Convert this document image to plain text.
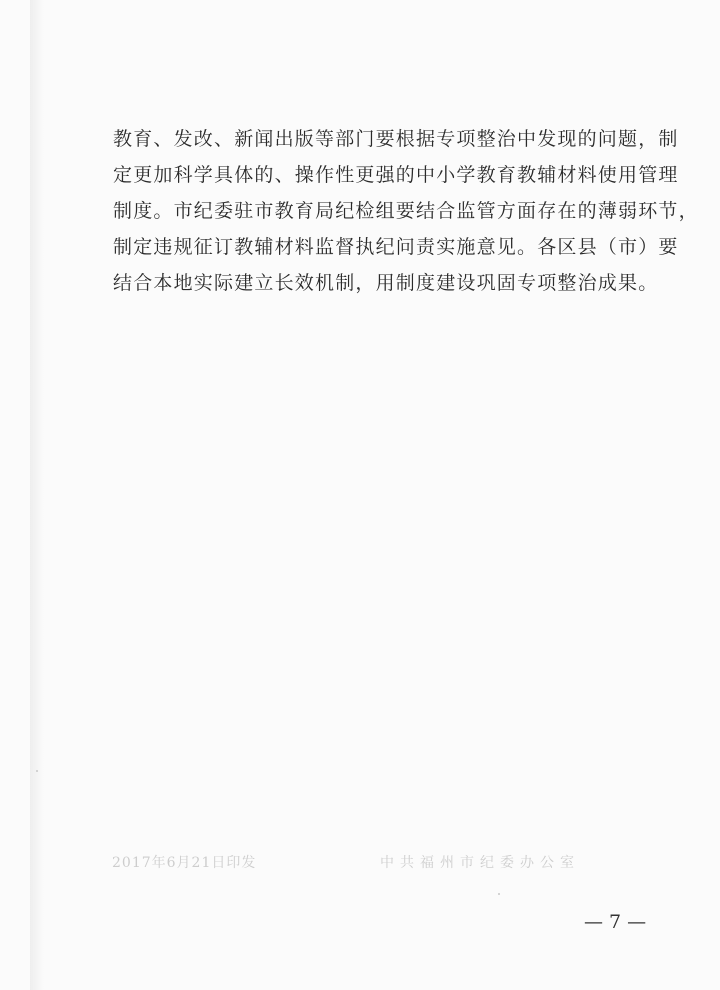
教育、发改、新闻出版等部门要根据专项整治中发现的问题，制
定更加科学具体的、操作性更强的中小学教育教辅材料使用管理
制度。市纪委驻市教育局纪检组要结合监管方面存在的薄弱环节，
制定违规征订教辅材料监督执纪问责实施意见。各区县（市）要
结合本地实际建立长效机制，用制度建设巩固专项整治成果。
2017年6月21日印发	中共福州市纪委办公室
— 7 —
